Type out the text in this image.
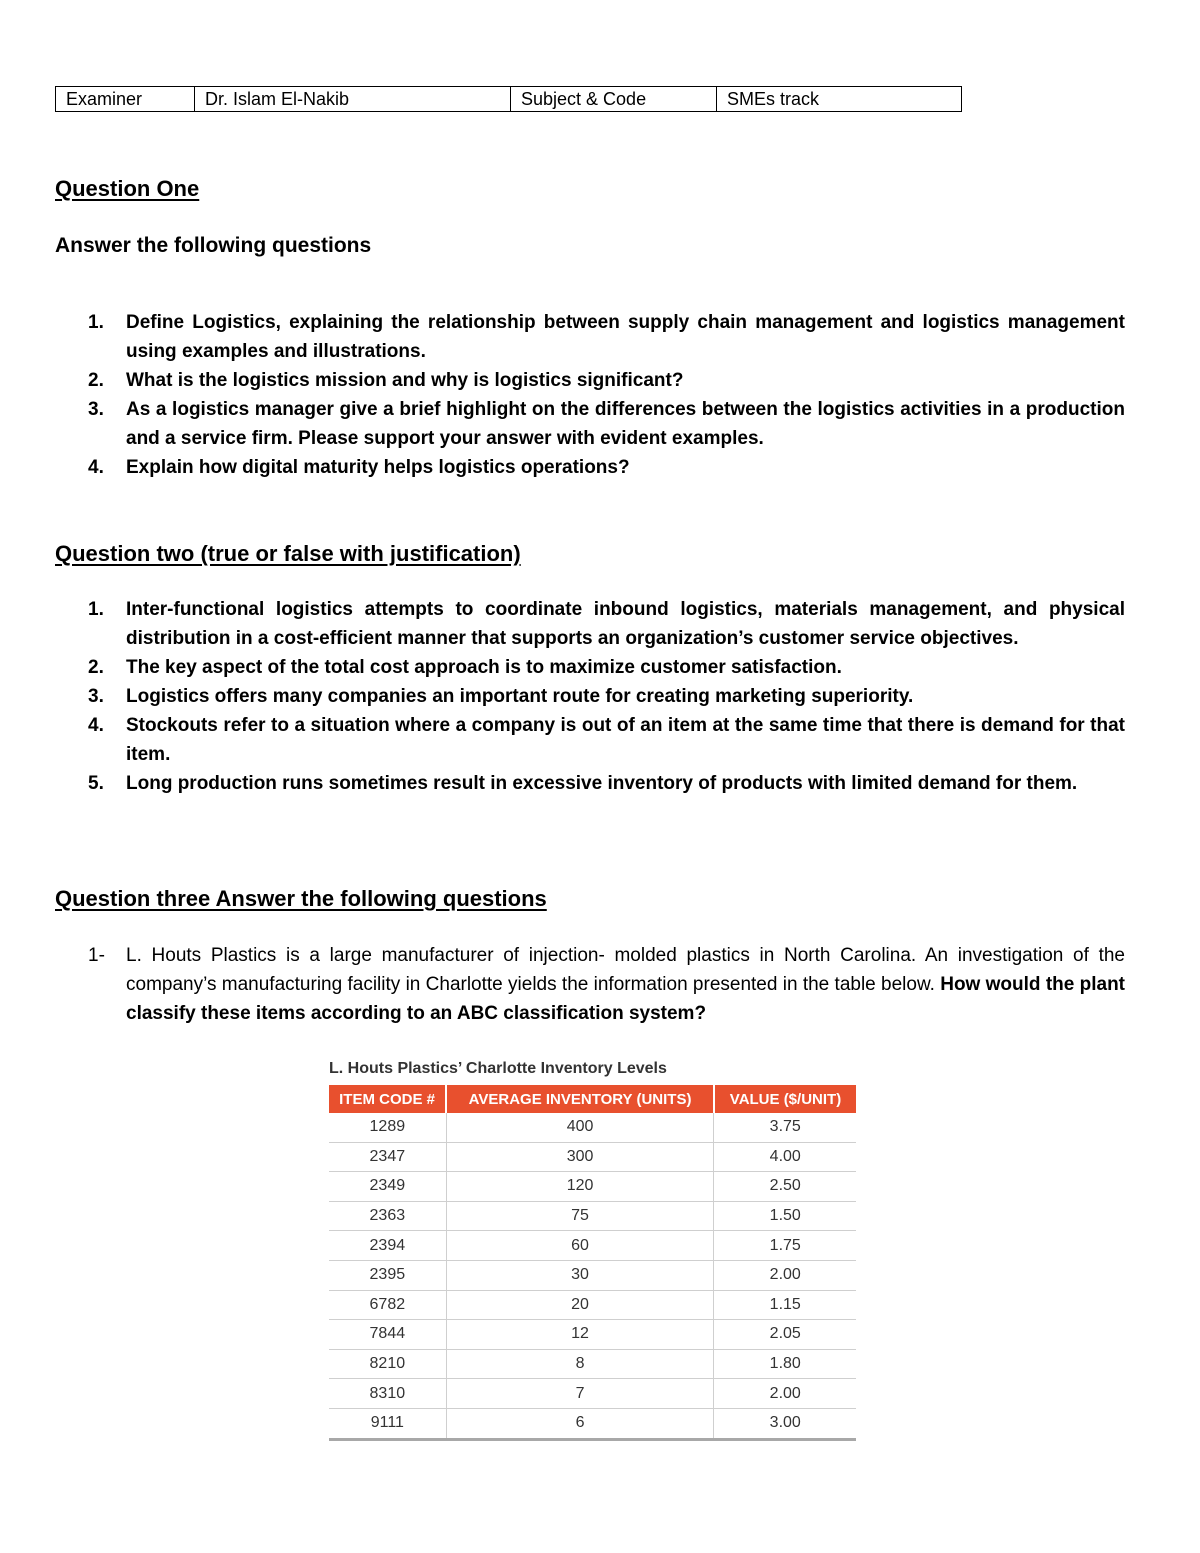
Examiner	Dr. Islam El-Nakib	Subject & Code	SMEs track
Question One
Answer the following questions
1. Define Logistics, explaining the relationship between supply chain management and logistics management using examples and illustrations.
2. What is the logistics mission and why is logistics significant?
3. As a logistics manager give a brief highlight on the differences between the logistics activities in a production and a service firm. Please support your answer with evident examples.
4. Explain how digital maturity helps logistics operations?
Question two (true or false with justification)
1. Inter-functional logistics attempts to coordinate inbound logistics, materials management, and physical distribution in a cost-efficient manner that supports an organization’s customer service objectives.
2. The key aspect of the total cost approach is to maximize customer satisfaction.
3. Logistics offers many companies an important route for creating marketing superiority.
4. Stockouts refer to a situation where a company is out of an item at the same time that there is demand for that item.
5. Long production runs sometimes result in excessive inventory of products with limited demand for them.
Question three Answer the following questions
1- L. Houts Plastics is a large manufacturer of injection- molded plastics in North Carolina. An investigation of the company’s manufacturing facility in Charlotte yields the information presented in the table below. How would the plant classify these items according to an ABC classification system?
L. Houts Plastics’ Charlotte Inventory Levels
ITEM CODE #	AVERAGE INVENTORY (UNITS)	VALUE ($/UNIT)
1289	400	3.75
2347	300	4.00
2349	120	2.50
2363	75	1.50
2394	60	1.75
2395	30	2.00
6782	20	1.15
7844	12	2.05
8210	8	1.80
8310	7	2.00
9111	6	3.00
